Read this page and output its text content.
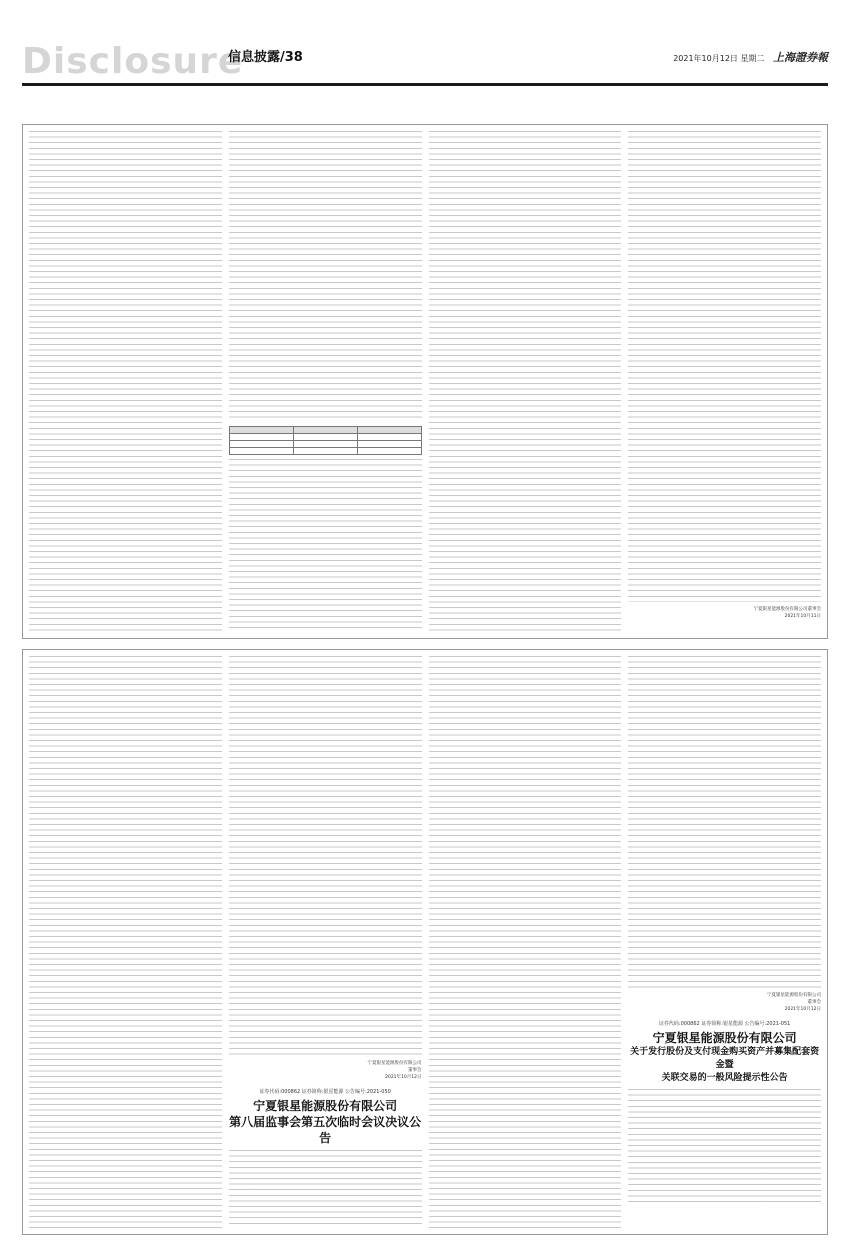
Disclosure
信息披露/38	2021年10月12日 星期二 上海證券報

宁夏银星能源股份有限公司董事会
2021年10月11日
宁夏银星能源股份有限公司
董事会
2021年10月12日
证券代码:000862 证券简称:银星能源 公告编号:2021-050
宁夏银星能源股份有限公司
第八届监事会第五次临时会议决议公告
宁夏银星能源股份有限公司
董事会
2021年10月12日
证券代码:000862 证券简称:银星能源 公告编号:2021-051
宁夏银星能源股份有限公司
关于发行股份及支付现金购买资产并募集配套资金暨
关联交易的一般风险提示性公告
